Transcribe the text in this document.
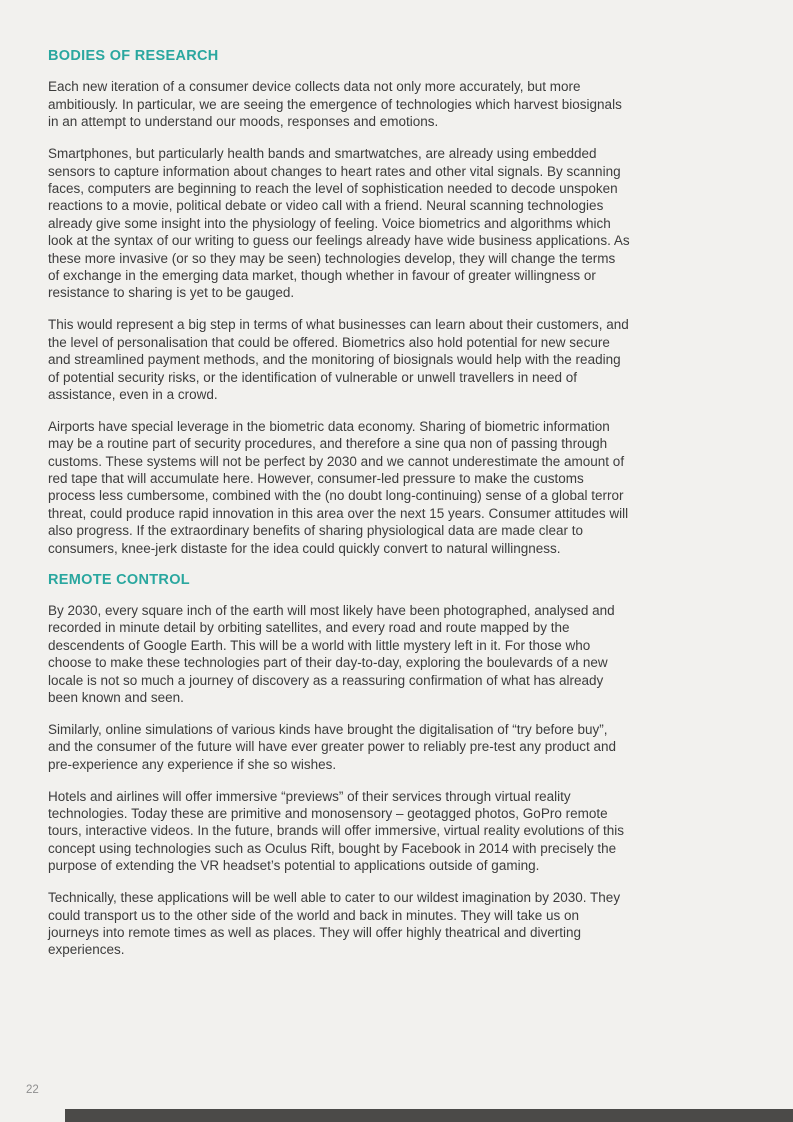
BODIES OF RESEARCH

Each new iteration of a consumer device collects data not only more accurately, but more ambitiously. In particular, we are seeing the emergence of technologies which harvest biosignals in an attempt to understand our moods, responses and emotions.

Smartphones, but particularly health bands and smartwatches, are already using embedded sensors to capture information about changes to heart rates and other vital signals. By scanning faces, computers are beginning to reach the level of sophistication needed to decode unspoken reactions to a movie, political debate or video call with a friend. Neural scanning technologies already give some insight into the physiology of feeling. Voice biometrics and algorithms which look at the syntax of our writing to guess our feelings already have wide business applications. As these more invasive (or so they may be seen) technologies develop, they will change the terms of exchange in the emerging data market, though whether in favour of greater willingness or resistance to sharing is yet to be gauged.

This would represent a big step in terms of what businesses can learn about their customers, and the level of personalisation that could be offered. Biometrics also hold potential for new secure and streamlined payment methods, and the monitoring of biosignals would help with the reading of potential security risks, or the identification of vulnerable or unwell travellers in need of assistance, even in a crowd.

Airports have special leverage in the biometric data economy. Sharing of biometric information may be a routine part of security procedures, and therefore a sine qua non of passing through customs. These systems will not be perfect by 2030 and we cannot underestimate the amount of red tape that will accumulate here. However, consumer-led pressure to make the customs process less cumbersome, combined with the (no doubt long-continuing) sense of a global terror threat, could produce rapid innovation in this area over the next 15 years. Consumer attitudes will also progress. If the extraordinary benefits of sharing physiological data are made clear to consumers, knee-jerk distaste for the idea could quickly convert to natural willingness.

REMOTE CONTROL

By 2030, every square inch of the earth will most likely have been photographed, analysed and recorded in minute detail by orbiting satellites, and every road and route mapped by the descendents of Google Earth. This will be a world with little mystery left in it. For those who choose to make these technologies part of their day-to-day, exploring the boulevards of a new locale is not so much a journey of discovery as a reassuring confirmation of what has already been known and seen.

Similarly, online simulations of various kinds have brought the digitalisation of “try before buy”, and the consumer of the future will have ever greater power to reliably pre-test any product and pre-experience any experience if she so wishes.

Hotels and airlines will offer immersive “previews” of their services through virtual reality technologies. Today these are primitive and monosensory – geotagged photos, GoPro remote tours, interactive videos. In the future, brands will offer immersive, virtual reality evolutions of this concept using technologies such as Oculus Rift, bought by Facebook in 2014 with precisely the purpose of extending the VR headset’s potential to applications outside of gaming.

Technically, these applications will be well able to cater to our wildest imagination by 2030. They could transport us to the other side of the world and back in minutes. They will take us on journeys into remote times as well as places. They will offer highly theatrical and diverting experiences.

22
